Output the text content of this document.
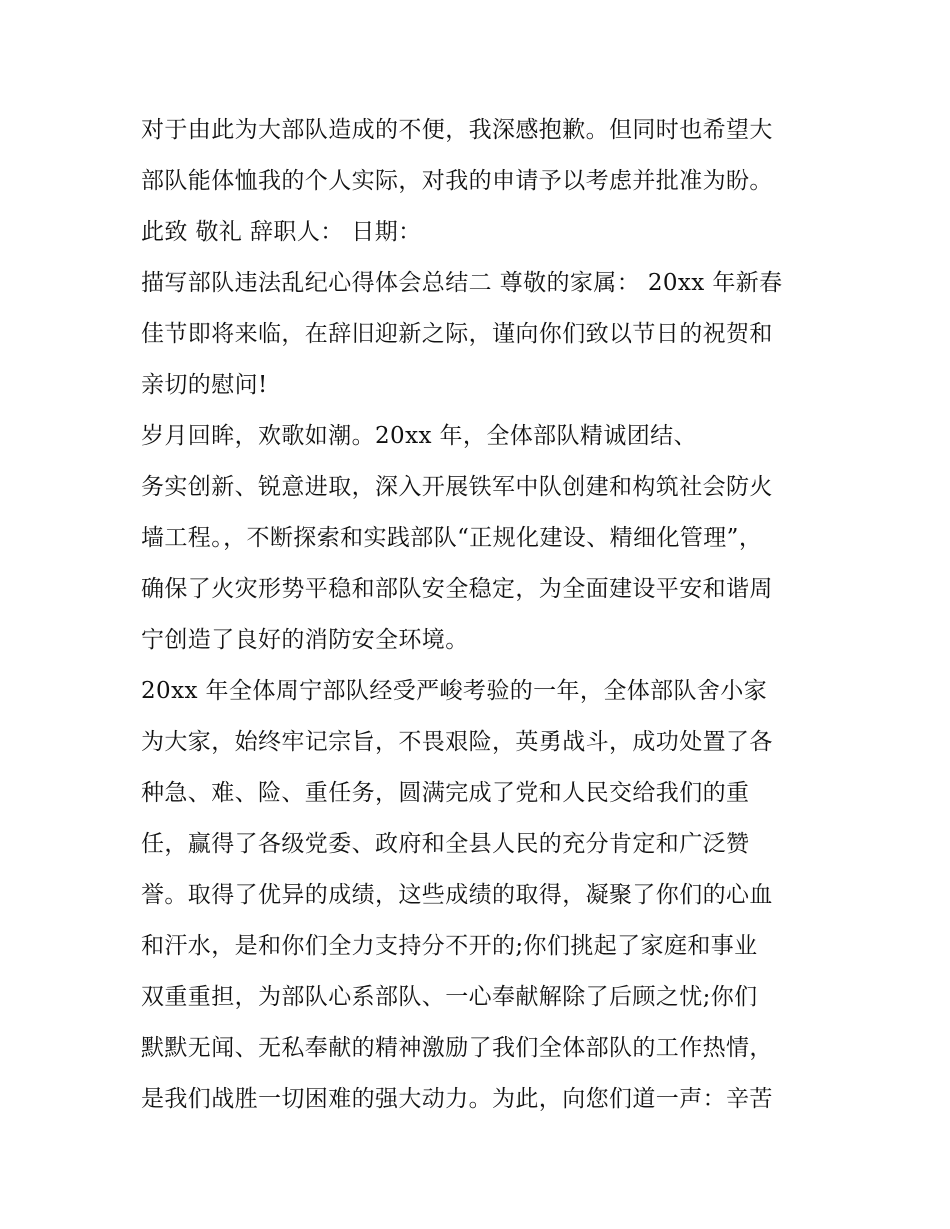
对于由此为大部队造成的不便，我深感抱歉。但同时也希望大
部队能体恤我的个人实际，对我的申请予以考虑并批准为盼。
此致 敬礼 辞职人： 日期：
描写部队违法乱纪心得体会总结二 尊敬的家属： 20xx 年新春
佳节即将来临，在辞旧迎新之际，谨向你们致以节日的祝贺和
亲切的慰问!
岁月回眸，欢歌如潮。20xx 年，全体部队精诚团结、
务实创新、锐意进取，深入开展铁军中队创建和构筑社会防火
墙工程。，不断探索和实践部队“正规化建设、精细化管理”，
确保了火灾形势平稳和部队安全稳定，为全面建设平安和谐周
宁创造了良好的消防安全环境。
20xx 年全体周宁部队经受严峻考验的一年，全体部队舍小家
为大家，始终牢记宗旨，不畏艰险，英勇战斗，成功处置了各
种急、难、险、重任务，圆满完成了党和人民交给我们的重
任，赢得了各级党委、政府和全县人民的充分肯定和广泛赞
誉。取得了优异的成绩，这些成绩的取得，凝聚了你们的心血
和汗水，是和你们全力支持分不开的;你们挑起了家庭和事业
双重重担，为部队心系部队、一心奉献解除了后顾之忧;你们
默默无闻、无私奉献的精神激励了我们全体部队的工作热情，
是我们战胜一切困难的强大动力。为此，向您们道一声：辛苦
